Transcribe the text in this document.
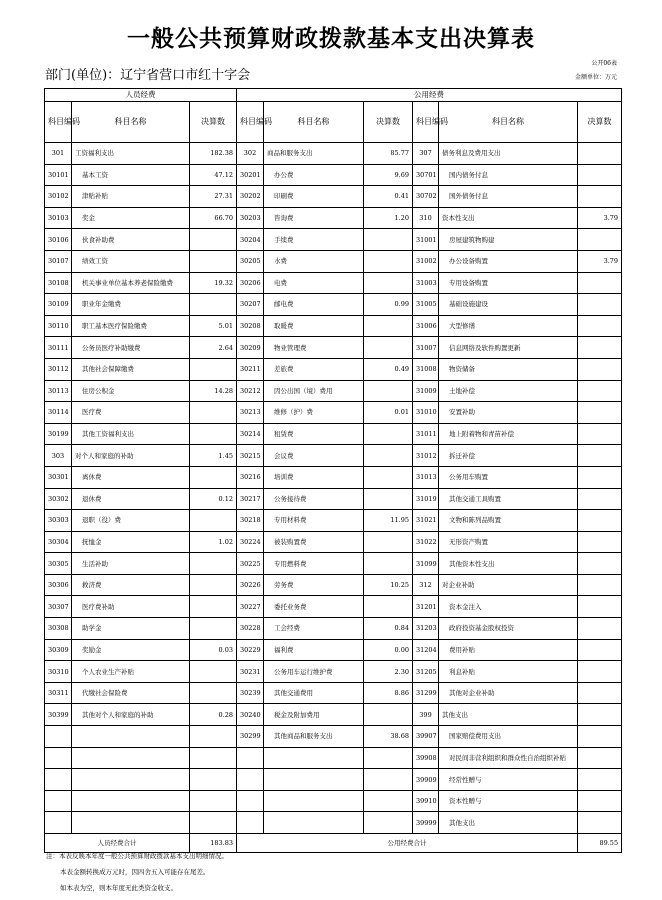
一般公共预算财政拨款基本支出决算表
部门(单位)：辽宁省营口市红十字会
公开06表
金额单位：万元
人员经费			公用经费					
科目编码	科目名称	决算数	科目编码	科目名称	决算数	科目编码	科目名称	决算数
301	工资福利支出	182.38	302	商品和服务支出	85.77	307	债务利息及费用支出	
30101	基本工资	47.12	30201	办公费	9.69	30701	国内债务付息	
30102	津贴补贴	27.31	30202	印刷费	0.41	30702	国外债务付息	
30103	奖金	66.70	30203	咨询费	1.20	310	资本性支出	3.79
30106	伙食补助费		30204	手续费		31001	房屋建筑物购建	
30107	绩效工资		30205	水费		31002	办公设备购置	3.79
30108	机关事业单位基本养老保险缴费	19.32	30206	电费		31003	专用设备购置	
30109	职业年金缴费		30207	邮电费	0.99	31005	基础设施建设	
30110	职工基本医疗保险缴费	5.01	30208	取暖费		31006	大型修缮	
30111	公务员医疗补助缴费	2.64	30209	物业管理费		31007	信息网络及软件购置更新	
30112	其他社会保障缴费		30211	差旅费	0.49	31008	物资储备	
30113	住房公积金	14.28	30212	因公出国（境）费用		31009	土地补偿	
30114	医疗费		30213	维修（护）费	0.01	31010	安置补助	
30199	其他工资福利支出		30214	租赁费		31011	地上附着物和青苗补偿	
303	对个人和家庭的补助	1.45	30215	会议费		31012	拆迁补偿	
30301	离休费		30216	培训费		31013	公务用车购置	
30302	退休费	0.12	30217	公务接待费		31019	其他交通工具购置	
30303	退职（役）费		30218	专用材料费	11.95	31021	文物和陈列品购置	
30304	抚恤金	1.02	30224	被装购置费		31022	无形资产购置	
30305	生活补助		30225	专用燃料费		31099	其他资本性支出	
30306	救济费		30226	劳务费	10.25	312	对企业补助	
30307	医疗费补助		30227	委托业务费		31201	资本金注入	
30308	助学金		30228	工会经费	0.84	31203	政府投资基金股权投资	
30309	奖励金	0.03	30229	福利费	0.00	31204	费用补贴	
30310	个人农业生产补贴		30231	公务用车运行维护费	2.30	31205	利息补贴	
30311	代缴社会保险费		30239	其他交通费用	8.86	31299	其他对企业补助	
30399	其他对个人和家庭的补助	0.28	30240	税金及附加费用		399	其他支出	
			30299	其他商品和服务支出	38.68	39907	国家赔偿费用支出	
						39908	对民间非营利组织和群众性自治组织补贴	
						39909	经常性赠与	
						39910	资本性赠与	
						39999	其他支出	
人员经费合计		183.83	公用经费合计					89.55
注：本表反映本年度一般公共预算财政拨款基本支出明细情况。
本表金额转换成万元时，因四舍五入可能存在尾差。
如本表为空，则本年度无此类资金收支。
